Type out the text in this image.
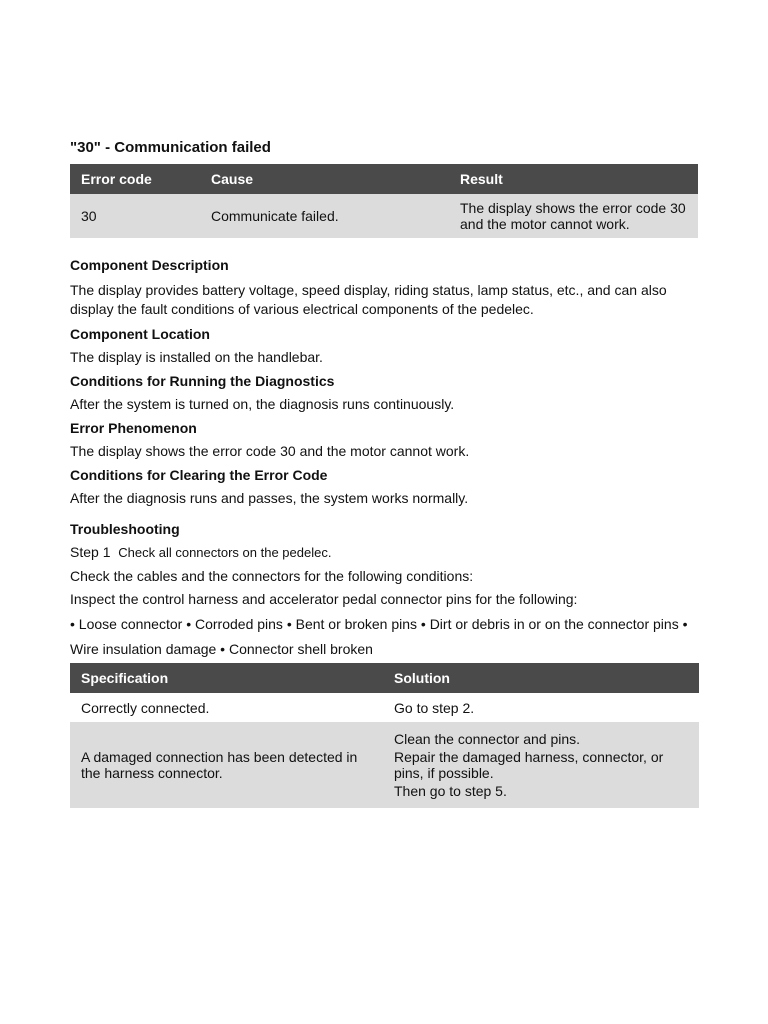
"30" - Communication failed
Error code	Cause	Result
30	Communicate failed.	The display shows the error code 30 and the motor cannot work.

Component Description

The display provides battery voltage, speed display, riding status, lamp status, etc., and can also display the fault conditions of various electrical components of the pedelec.

Component Location

The display is installed on the handlebar.

Conditions for Running the Diagnostics

After the system is turned on, the diagnosis runs continuously.

Error Phenomenon

The display shows the error code 30 and the motor cannot work.

Conditions for Clearing the Error Code

After the diagnosis runs and passes, the system works normally.

Troubleshooting

Step 1 Check all connectors on the pedelec.

Check the cables and the connectors for the following conditions:

Inspect the control harness and accelerator pedal connector pins for the following:

• Loose connector • Corroded pins • Bent or broken pins • Dirt or debris in or on the connector pins • Wire insulation damage • Connector shell broken

Specification	Solution
Correctly connected.	Go to step 2.
A damaged connection has been detected in the harness connector.	Clean the connector and pins.
Repair the damaged harness, connector, or pins, if possible.
Then go to step 5.
